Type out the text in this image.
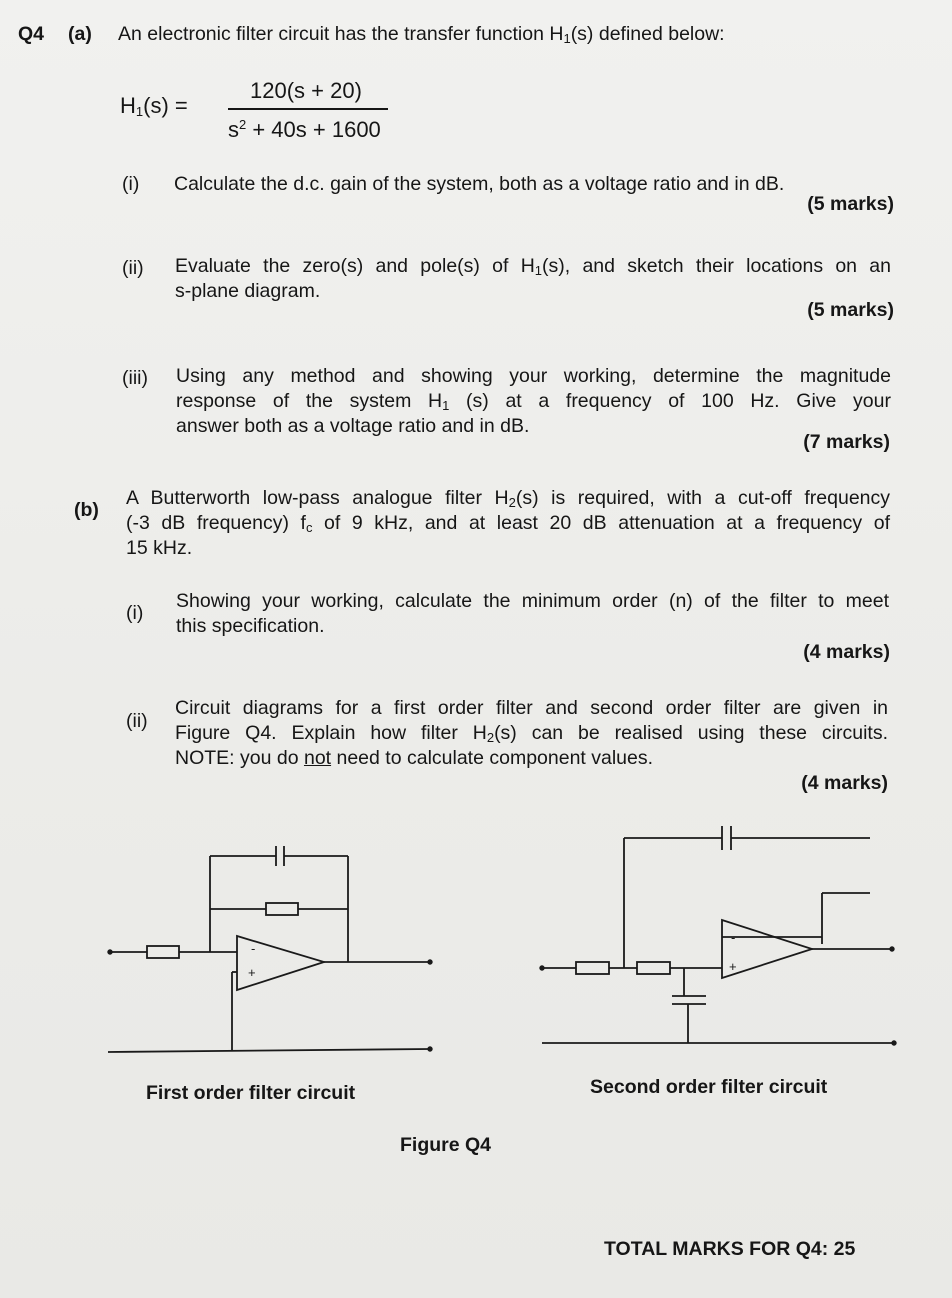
Q4 (a) An electronic filter circuit has the transfer function $H_1(s)$ defined below:
$H_1(s)$ =
120(s + 20)
$s^2 + 40s + 1600$
(i) Calculate the d.c. gain of the system, both as a voltage ratio and in dB.
(5 marks)
(ii) Evaluate the zero(s) and pole(s) of $H_1(s)$, and sketch their locations on an
s-plane diagram.
(5 marks)
(iii) Using any method and showing your working, determine the magnitude
response of the system $H_1$ (s) at a frequency of 100 Hz. Give your
answer both as a voltage ratio and in dB.
(7 marks)
(b)
A Butterworth low-pass analogue filter $H_2(s)$ is required, with a cut-off frequency
(-3 dB frequency) $f_c$ of 9 kHz, and at least 20 dB attenuation at a frequency of
15 kHz.
(i)
Showing your working, calculate the minimum order (n) of the filter to meet
this specification.
(4 marks)
(ii)
Circuit diagrams for a first order filter and second order filter are given in
Figure Q4. Explain how filter $H_2(s)$ can be realised using these circuits.
NOTE: you do not need to calculate component values.
(4 marks)
-
+
-
+
First order filter circuit	Second order filter circuit
Figure Q4
TOTAL MARKS FOR Q4: 25
